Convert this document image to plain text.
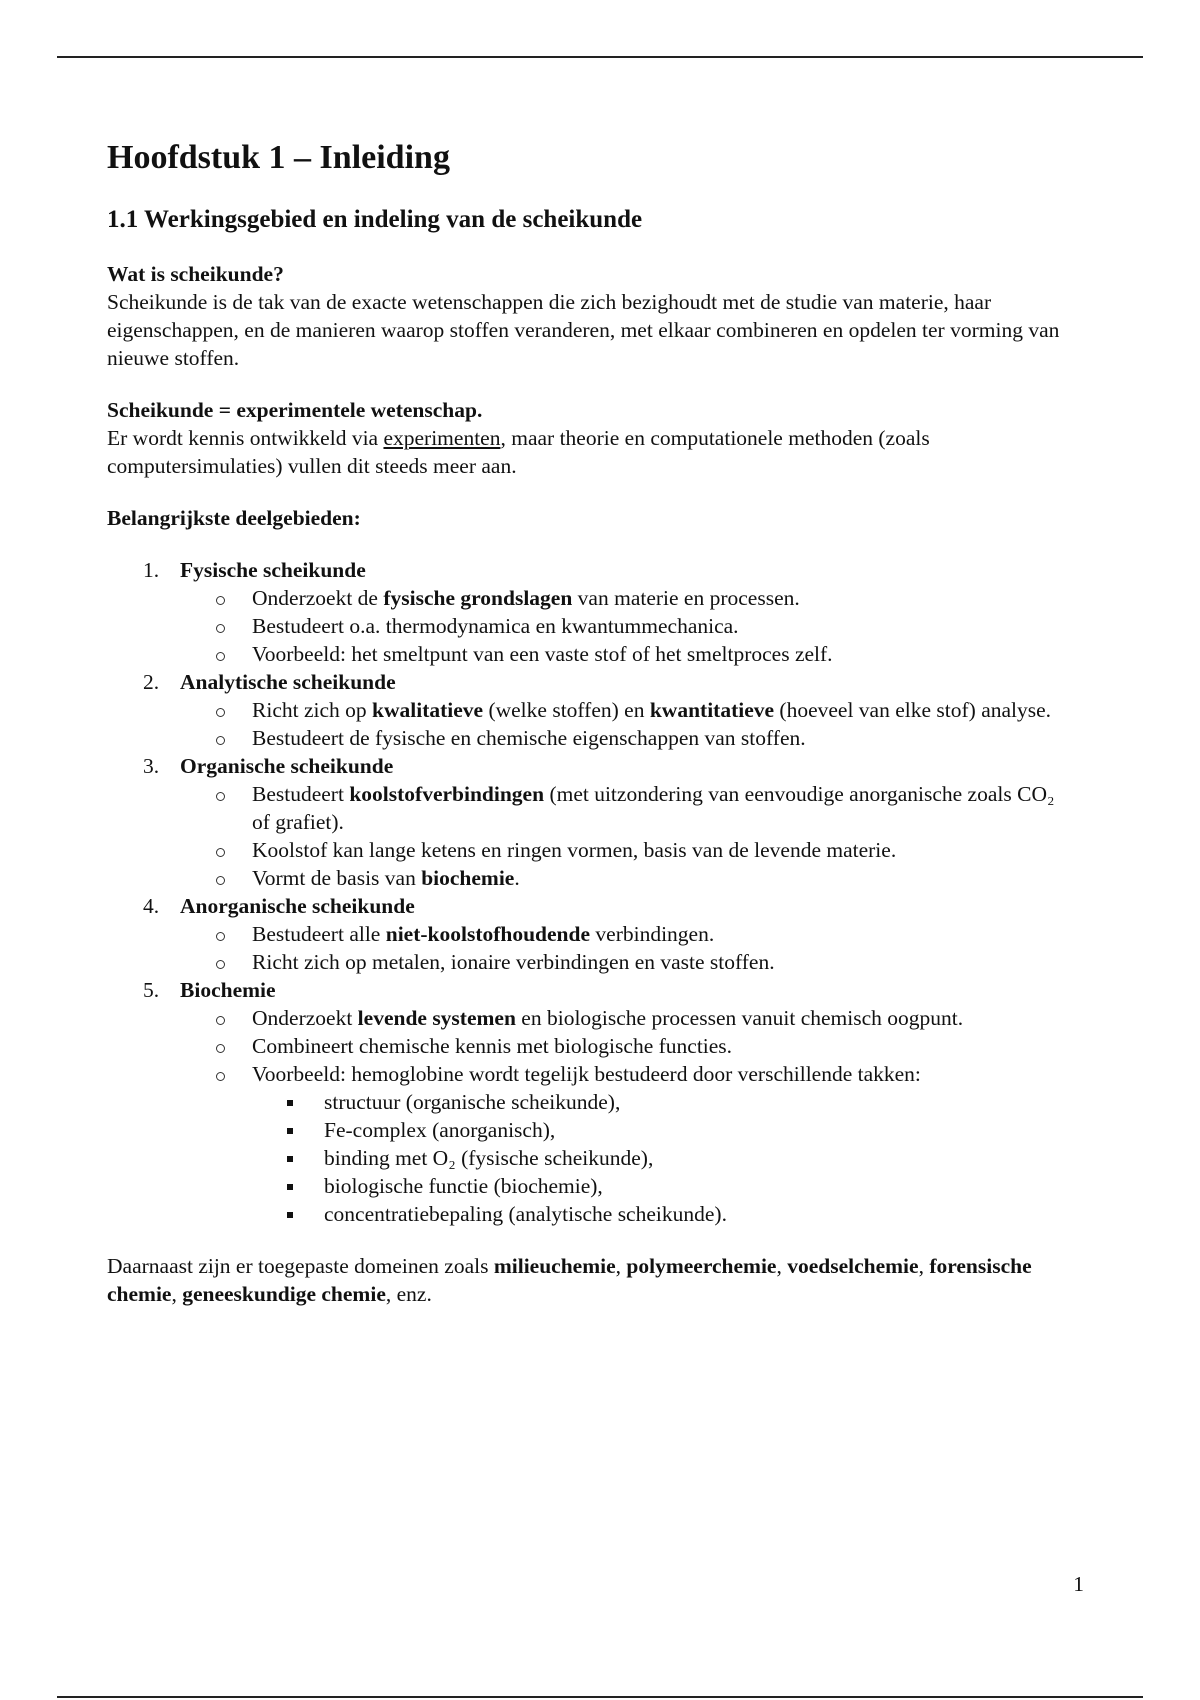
Hoofdstuk 1 – Inleiding
1.1 Werkingsgebied en indeling van de scheikunde

Wat is scheikunde?

Scheikunde is de tak van de exacte wetenschappen die zich bezighoudt met de studie van materie, haar eigenschappen, en de manieren waarop stoffen veranderen, met elkaar combineren en opdelen ter vorming van nieuwe stoffen.

Scheikunde = experimentele wetenschap.

Er wordt kennis ontwikkeld via experimenten, maar theorie en computationele methoden (zoals computersimulaties) vullen dit steeds meer aan.

Belangrijkste deelgebieden:

1. Fysische scheikunde
Onderzoekt de fysische grondslagen van materie en processen.
Bestudeert o.a. thermodynamica en kwantummechanica.
Voorbeeld: het smeltpunt van een vaste stof of het smeltproces zelf.
2. Analytische scheikunde
Richt zich op kwalitatieve (welke stoffen) en kwantitatieve (hoeveel van elke stof) analyse.
Bestudeert de fysische en chemische eigenschappen van stoffen.
3. Organische scheikunde
Bestudeert koolstofverbindingen (met uitzondering van eenvoudige anorganische zoals CO₂ of grafiet).
Koolstof kan lange ketens en ringen vormen, basis van de levende materie.
Vormt de basis van biochemie.
4. Anorganische scheikunde
Bestudeert alle niet-koolstofhoudende verbindingen.
Richt zich op metalen, ionaire verbindingen en vaste stoffen.
5. Biochemie
Onderzoekt levende systemen en biologische processen vanuit chemisch oogpunt.
Combineert chemische kennis met biologische functies.
Voorbeeld: hemoglobine wordt tegelijk bestudeerd door verschillende takken:
structuur (organische scheikunde),
Fe-complex (anorganisch),
binding met O₂ (fysische scheikunde),
biologische functie (biochemie),
concentratiebepaling (analytische scheikunde).

Daarnaast zijn er toegepaste domeinen zoals milieuchemie, polymeerchemie, voedselchemie, forensische chemie, geneeskundige chemie, enz.

1
